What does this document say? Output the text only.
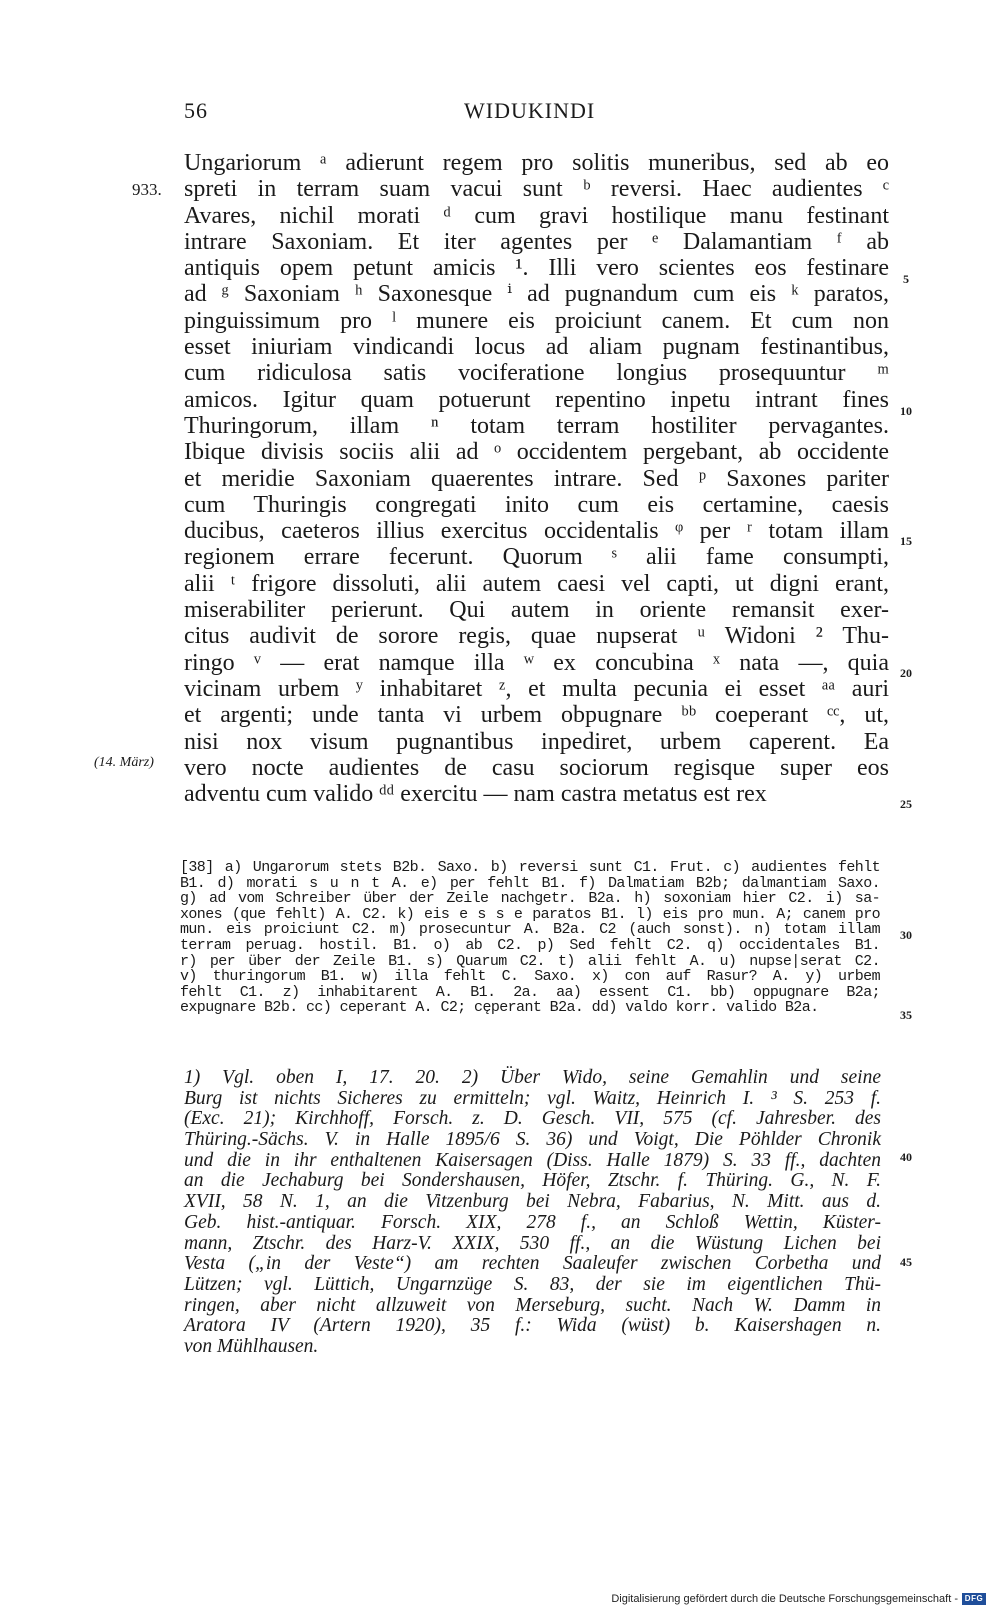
56	WIDUKINDI
Ungariorum ᵃ adierunt regem pro solitis muneribus, sed ab eo
spreti in terram suam vacui sunt ᵇ reversi. Haec audientes ᶜ
Avares, nichil morati ᵈ cum gravi hostilique manu festinant
intrare Saxoniam. Et iter agentes per ᵉ Dalamantiam ᶠ ab
antiquis opem petunt amicis ¹. Illi vero scientes eos festinare
ad ᵍ Saxoniam ʰ Saxonesque ⁱ ad pugnandum cum eis ᵏ paratos,
pinguissimum pro ˡ munere eis proiciunt canem. Et cum non
esset iniuriam vindicandi locus ad aliam pugnam festinantibus,
cum ridiculosa satis vociferatione longius prosequuntur ᵐ
amicos. Igitur quam potuerunt repentino inpetu intrant fines
Thuringorum, illam ⁿ totam terram hostiliter pervagantes.
Ibique divisis sociis alii ad ᵒ occidentem pergebant, ab occidente
et meridie Saxoniam quaerentes intrare. Sed ᵖ Saxones pariter
cum Thuringis congregati inito cum eis certamine, caesis
ducibus, caeteros illius exercitus occidentalis ᵠ per ʳ totam illam
regionem errare fecerunt. Quorum ˢ alii fame consumpti,
alii ᵗ frigore dissoluti, alii autem caesi vel capti, ut digni erant,
miserabiliter perierunt. Qui autem in oriente remansit exer-
citus audivit de sorore regis, quae nupserat ᵘ Widoni ² Thu-
ringo ᵛ — erat namque illa ʷ ex concubina ˣ nata —, quia
vicinam urbem ʸ inhabitaret ᶻ, et multa pecunia ei esset ᵃᵃ auri
et argenti; unde tanta vi urbem obpugnare ᵇᵇ coeperant ᶜᶜ, ut,
nisi nox visum pugnantibus inpediret, urbem caperent. Ea
vero nocte audientes de casu sociorum regisque super eos
adventu cum valido ᵈᵈ exercitu — nam castra metatus est rex
933.
(14. März)
5
10
15
20
25
30
35
40
45
[38] a) Ungarorum stets B2b. Saxo. b) reversi sunt C1. Frut. c) audientes fehlt
B1. d) morati s u n t A. e) per fehlt B1. f) Dalmatiam B2b; dalmantiam Saxo.
g) ad vom Schreiber über der Zeile nachgetr. B2a. h) soxoniam hier C2. i) sa-
xones (que fehlt) A. C2. k) eis e s s e paratos B1. l) eis pro mun. A; canem pro
mun. eis proiciunt C2. m) prosecuntur A. B2a. C2 (auch sonst). n) totam illam
terram peruag. hostil. B1. o) ab C2. p) Sed fehlt C2. q) occidentales B1.
r) per über der Zeile B1. s) Quarum C2. t) alii fehlt A. u) nupse|serat C2.
v) thuringorum B1. w) illa fehlt C. Saxo. x) con auf Rasur? A. y) urbem
fehlt C1. z) inhabitarent A. B1. 2a. aa) essent C1. bb) oppugnare B2a;
expugnare B2b. cc) ceperant A. C2; cęperant B2a. dd) valdo korr. valido B2a.
1) Vgl. oben I, 17. 20. 2) Über Wido, seine Gemahlin und seine
Burg ist nichts Sicheres zu ermitteln; vgl. Waitz, Heinrich I. ³ S. 253 f.
(Exc. 21); Kirchhoff, Forsch. z. D. Gesch. VII, 575 (cf. Jahresber. des
Thüring.-Sächs. V. in Halle 1895/6 S. 36) und Voigt, Die Pöhlder Chronik
und die in ihr enthaltenen Kaisersagen (Diss. Halle 1879) S. 33 ff., dachten
an die Jechaburg bei Sondershausen, Höfer, Ztschr. f. Thüring. G., N. F.
XVII, 58 N. 1, an die Vitzenburg bei Nebra, Fabarius, N. Mitt. aus d.
Geb. hist.-antiquar. Forsch. XIX, 278 f., an Schloß Wettin, Küster-
mann, Ztschr. des Harz-V. XXIX, 530 ff., an die Wüstung Lichen bei
Vesta („in der Veste“) am rechten Saaleufer zwischen Corbetha und
Lützen; vgl. Lüttich, Ungarnzüge S. 83, der sie im eigentlichen Thü-
ringen, aber nicht allzuweit von Merseburg, sucht. Nach W. Damm in
Aratora IV (Artern 1920), 35 f.: Wida (wüst) b. Kaisershagen n.
von Mühlhausen.
Digitalisierung gefördert durch die Deutsche Forschungsgemeinschaft - DFG
